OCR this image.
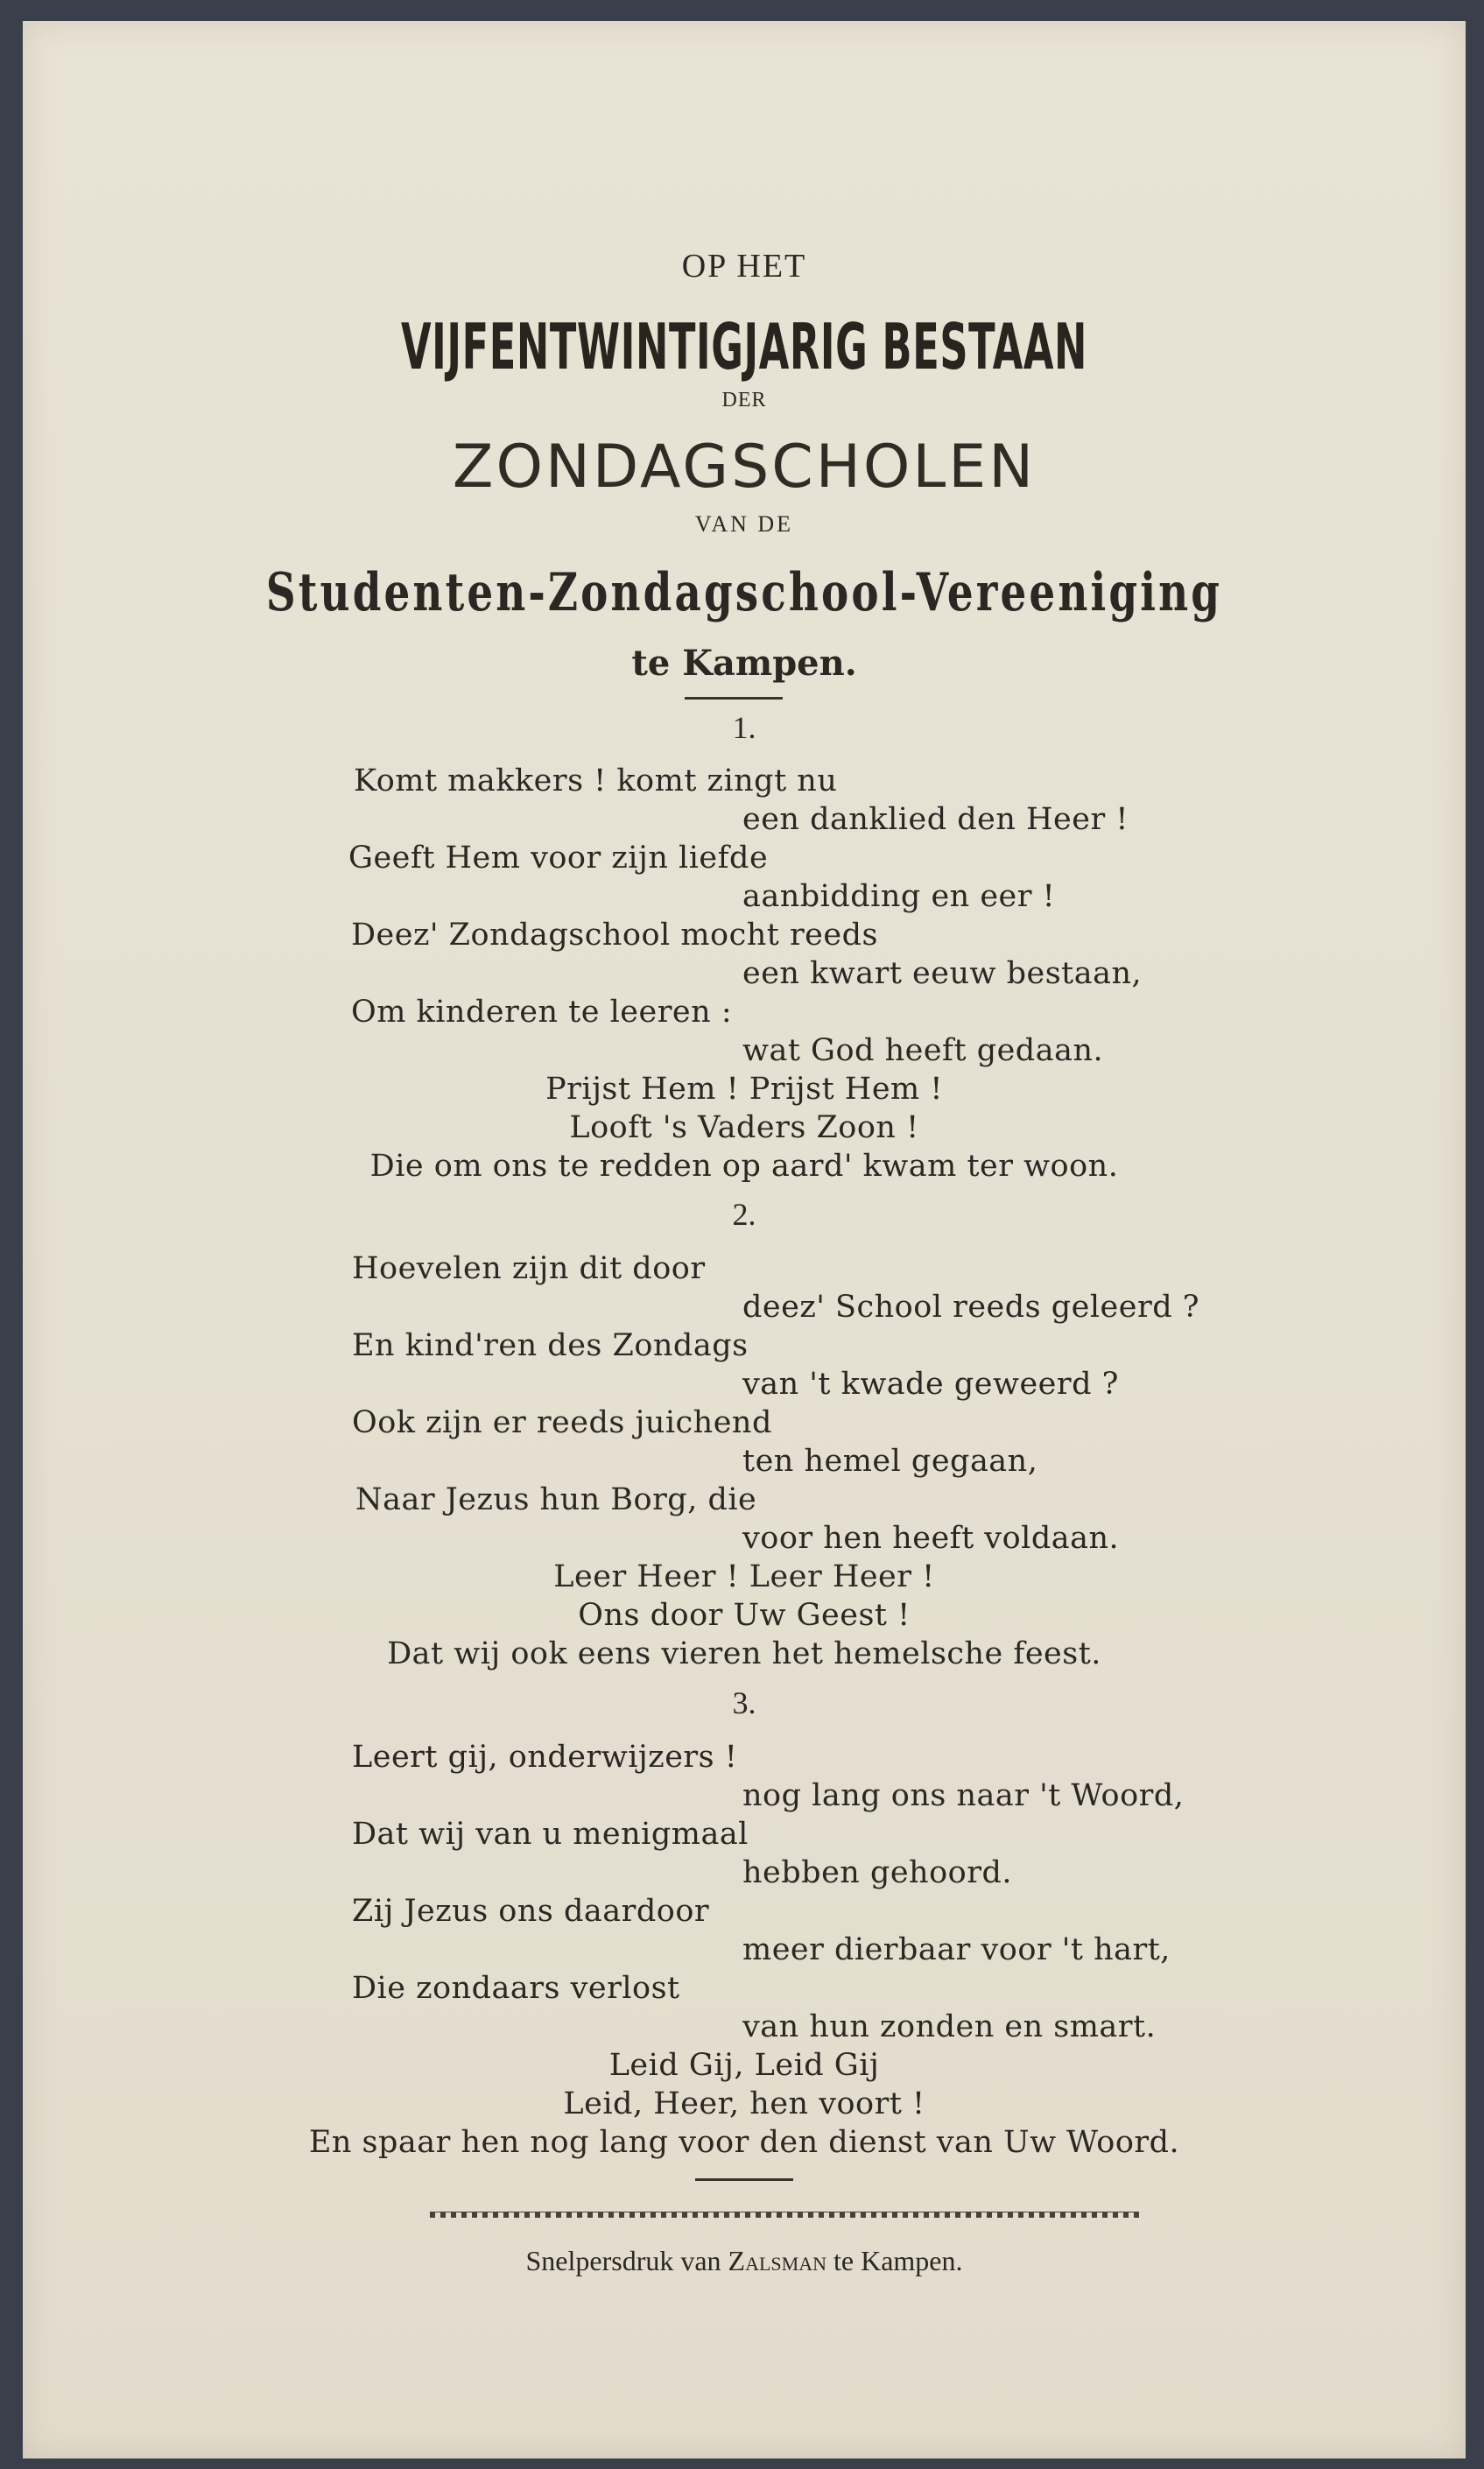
OP HET
VIJFENTWINTIGJARIG BESTAAN
DER
ZONDAGSCHOLEN
VAN DE
Studenten-Zondagschool-Vereeniging
te Kampen.
1.
Komt makkers ! komt zingt nu
een danklied den Heer !
Geeft Hem voor zijn liefde
aanbidding en eer !
Deez' Zondagschool mocht reeds
een kwart eeuw bestaan,
Om kinderen te leeren :
wat God heeft gedaan.
Prijst Hem ! Prijst Hem !
Looft 's Vaders Zoon !
Die om ons te redden op aard' kwam ter woon.
2.
Hoevelen zijn dit door
deez' School reeds geleerd ?
En kind'ren des Zondags
van 't kwade geweerd ?
Ook zijn er reeds juichend
ten hemel gegaan,
Naar Jezus hun Borg, die
voor hen heeft voldaan.
Leer Heer ! Leer Heer !
Ons door Uw Geest !
Dat wij ook eens vieren het hemelsche feest.
3.
Leert gij, onderwijzers !
nog lang ons naar 't Woord,
Dat wij van u menigmaal
hebben gehoord.
Zij Jezus ons daardoor
meer dierbaar voor 't hart,
Die zondaars verlost
van hun zonden en smart.
Leid Gij, Leid Gij
Leid, Heer, hen voort !
En spaar hen nog lang voor den dienst van Uw Woord.
Snelpersdruk van Zalsman te Kampen.
